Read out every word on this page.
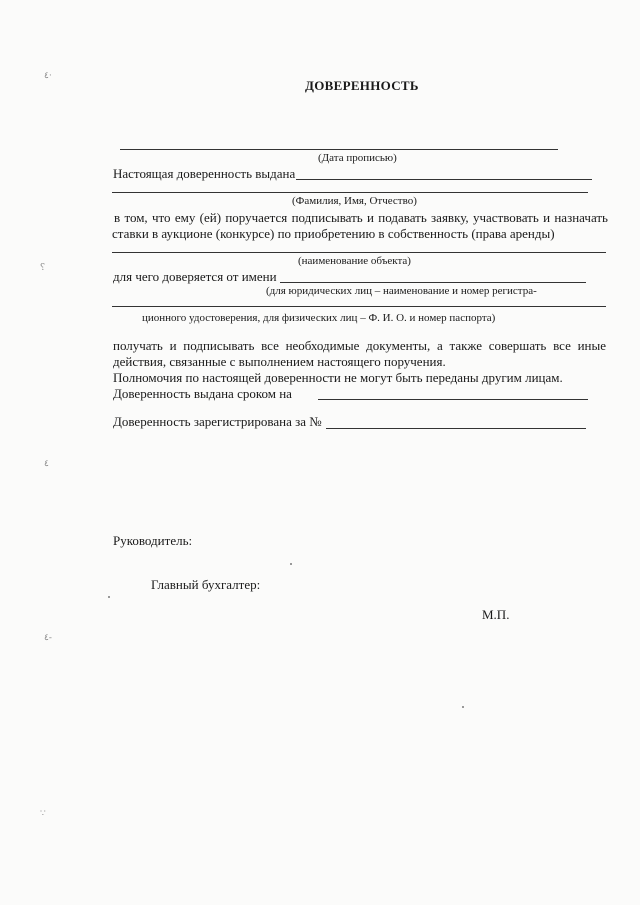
٤·
⸮
٤
٤-
∵
ДОВЕРЕННОСТЬ
(Дата прописью)
Настоящая доверенность выдана
(Фамилия, Имя, Отчество)
в том, что ему (ей) поручается подписывать и подавать заявку, участвовать и назначать
ставки в аукционе (конкурсе) по приобретению в собственность (права аренды)
(наименование объекта)
для чего доверяется от имени
(для юридических лиц – наименование и номер регистра-
ционного удостоверения, для физических лиц – Ф. И. О. и номер паспорта)
получать и подписывать все необходимые документы, а также совершать все иные
действия, связанные с выполнением настоящего поручения.
Полномочия по настоящей доверенности не могут быть переданы другим лицам.
Доверенность выдана сроком на
Доверенность зарегистрирована за №
Руководитель:
Главный бухгалтер:
М.П.
